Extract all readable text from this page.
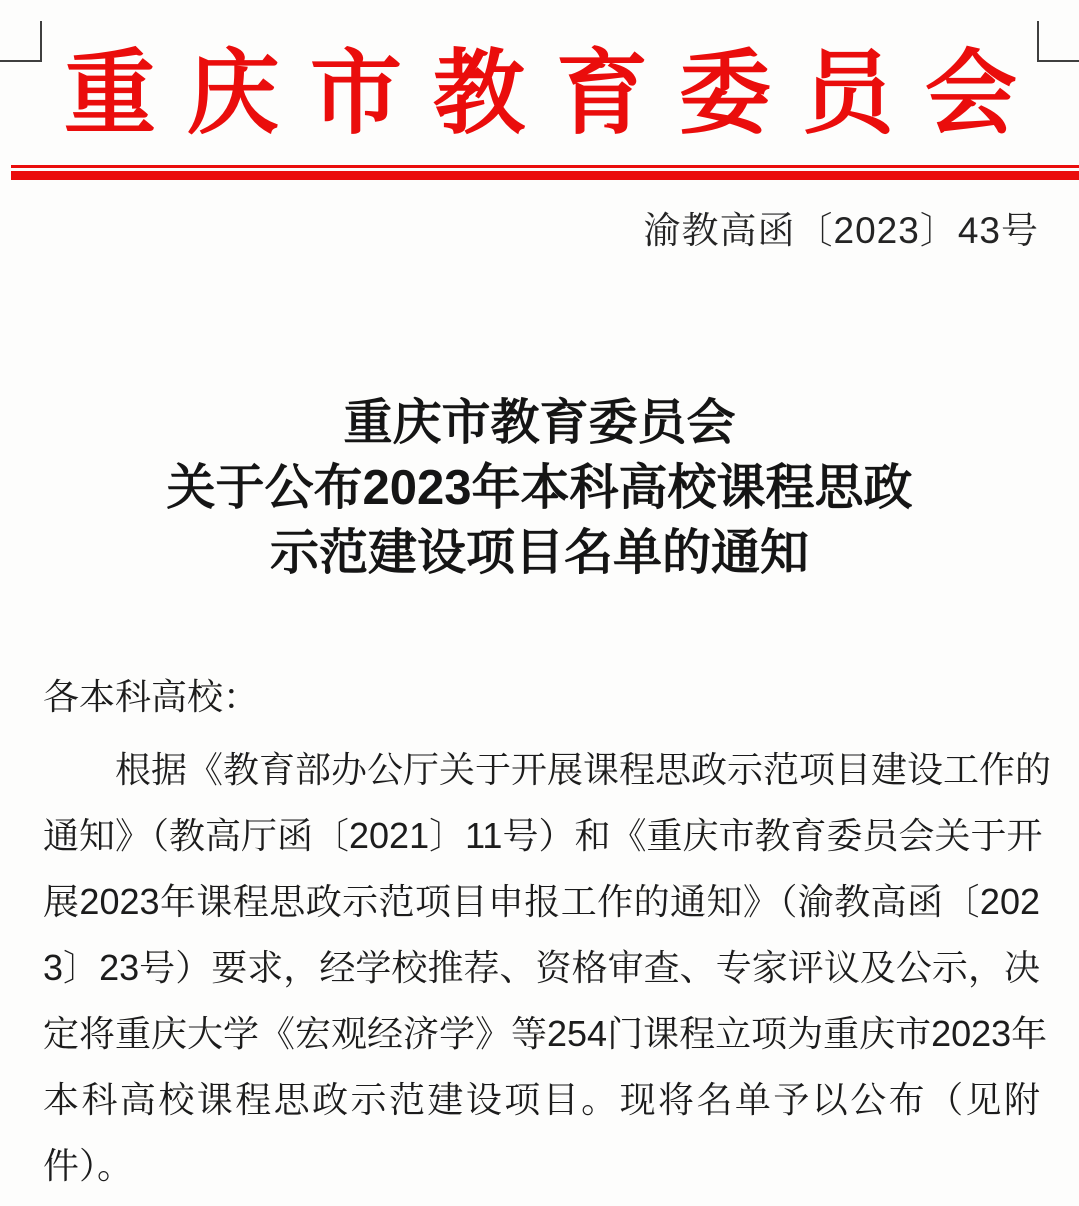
重 庆 市 教 育 委 员 会
渝教高函〔2023〕43号
重庆市教育委员会
关于公布2023年本科高校课程思政
示范建设项目名单的通知
各本科高校：
根据《教育部办公厅关于开展课程思政示范项目建设工作的
通知》（教高厅函〔2021〕11号）和《重庆市教育委员会关于开
展2023年课程思政示范项目申报工作的通知》（渝教高函〔202
3〕23号）要求，经学校推荐、资格审查、专家评议及公示，决
定将重庆大学《宏观经济学》等254门课程立项为重庆市2023年
本科高校课程思政示范建设项目。现将名单予以公布（见附
件）。
